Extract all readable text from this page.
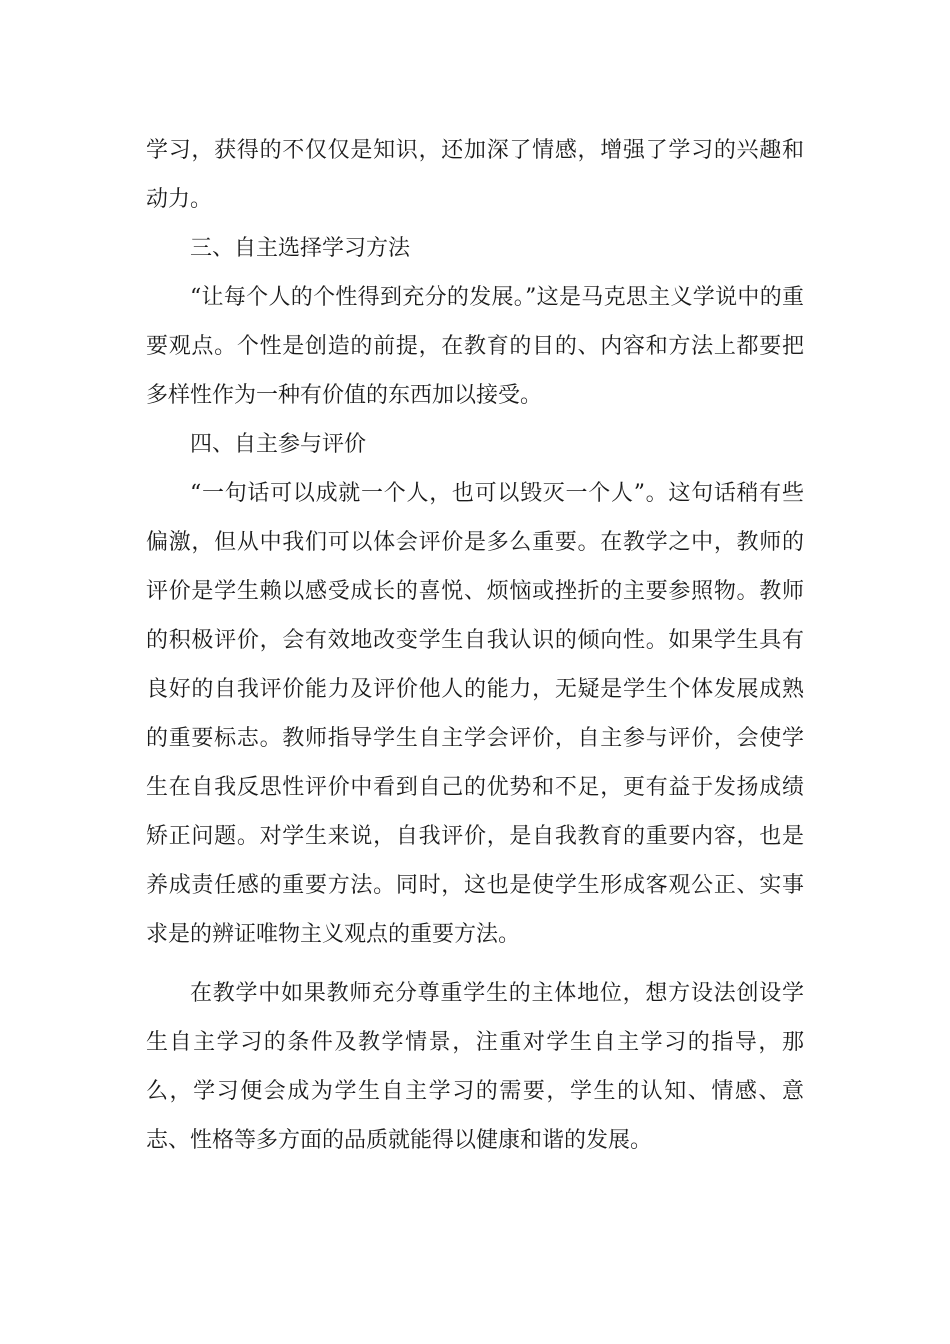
学习，获得的不仅仅是知识，还加深了情感，增强了学习的兴趣和动力。

三、自主选择学习方法

“让每个人的个性得到充分的发展。”这是马克思主义学说中的重要观点。个性是创造的前提，在教育的目的、内容和方法上都要把多样性作为一种有价值的东西加以接受。

四、自主参与评价

“一句话可以成就一个人，也可以毁灭一个人”。这句话稍有些偏激，但从中我们可以体会评价是多么重要。在教学之中，教师的评价是学生赖以感受成长的喜悦、烦恼或挫折的主要参照物。教师的积极评价，会有效地改变学生自我认识的倾向性。如果学生具有良好的自我评价能力及评价他人的能力，无疑是学生个体发展成熟的重要标志。教师指导学生自主学会评价，自主参与评价，会使学生在自我反思性评价中看到自己的优势和不足，更有益于发扬成绩矫正问题。对学生来说，自我评价，是自我教育的重要内容，也是养成责任感的重要方法。同时，这也是使学生形成客观公正、实事求是的辨证唯物主义观点的重要方法。

在教学中如果教师充分尊重学生的主体地位，想方设法创设学生自主学习的条件及教学情景，注重对学生自主学习的指导，那么，学习便会成为学生自主学习的需要，学生的认知、情感、意志、性格等多方面的品质就能得以健康和谐的发展。
